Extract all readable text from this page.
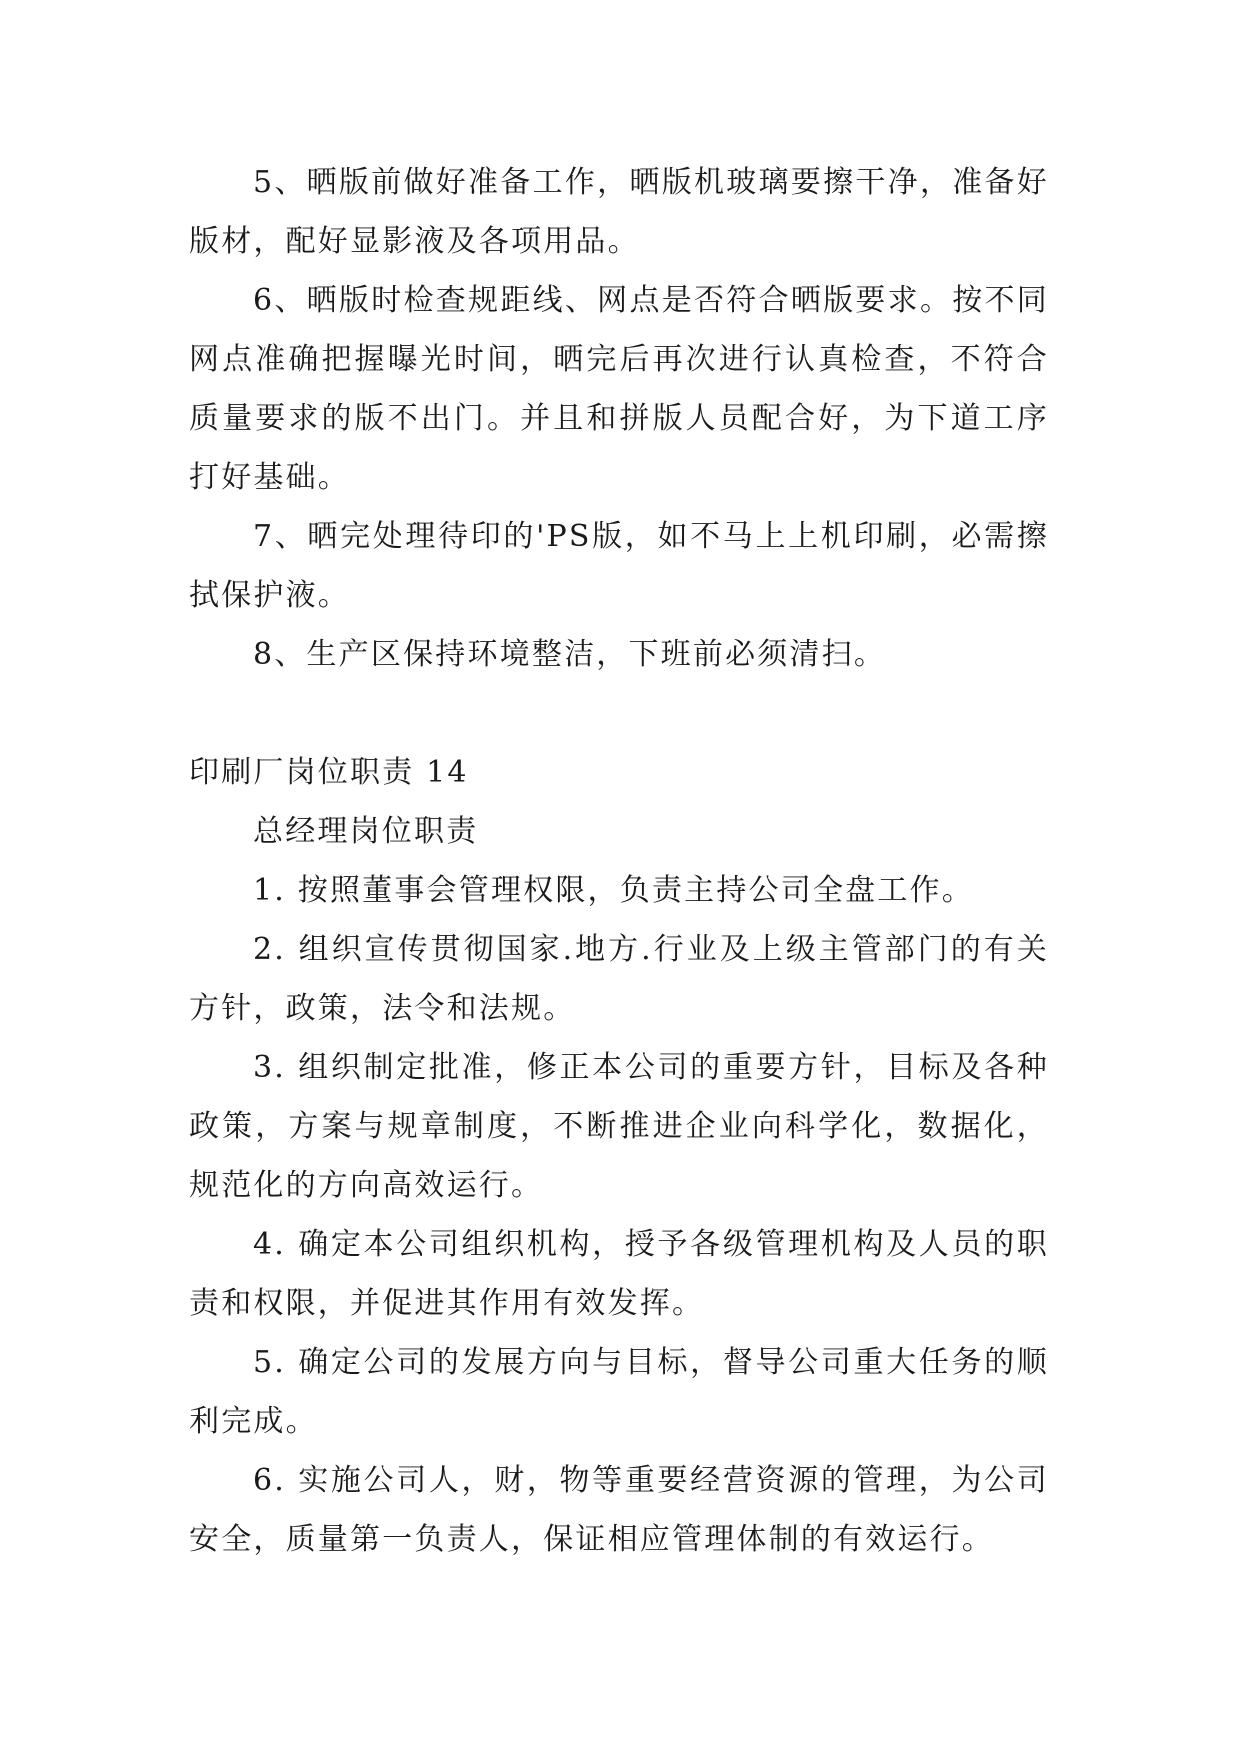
5、晒版前做好准备工作，晒版机玻璃要擦干净，准备好版材，配好显影液及各项用品。

6、晒版时检查规距线、网点是否符合晒版要求。按不同网点准确把握曝光时间，晒完后再次进行认真检查，不符合质量要求的版不出门。并且和拼版人员配合好，为下道工序打好基础。

7、晒完处理待印的'PS版，如不马上上机印刷，必需擦拭保护液。

8、生产区保持环境整洁，下班前必须清扫。

印刷厂岗位职责 14

总经理岗位职责

1. 按照董事会管理权限，负责主持公司全盘工作。

2. 组织宣传贯彻国家.地方.行业及上级主管部门的有关方针，政策，法令和法规。

3. 组织制定批准，修正本公司的重要方针，目标及各种政策，方案与规章制度，不断推进企业向科学化，数据化，规范化的方向高效运行。

4. 确定本公司组织机构，授予各级管理机构及人员的职责和权限，并促进其作用有效发挥。

5. 确定公司的发展方向与目标，督导公司重大任务的顺利完成。

6. 实施公司人，财，物等重要经营资源的管理，为公司安全，质量第一负责人，保证相应管理体制的有效运行。
